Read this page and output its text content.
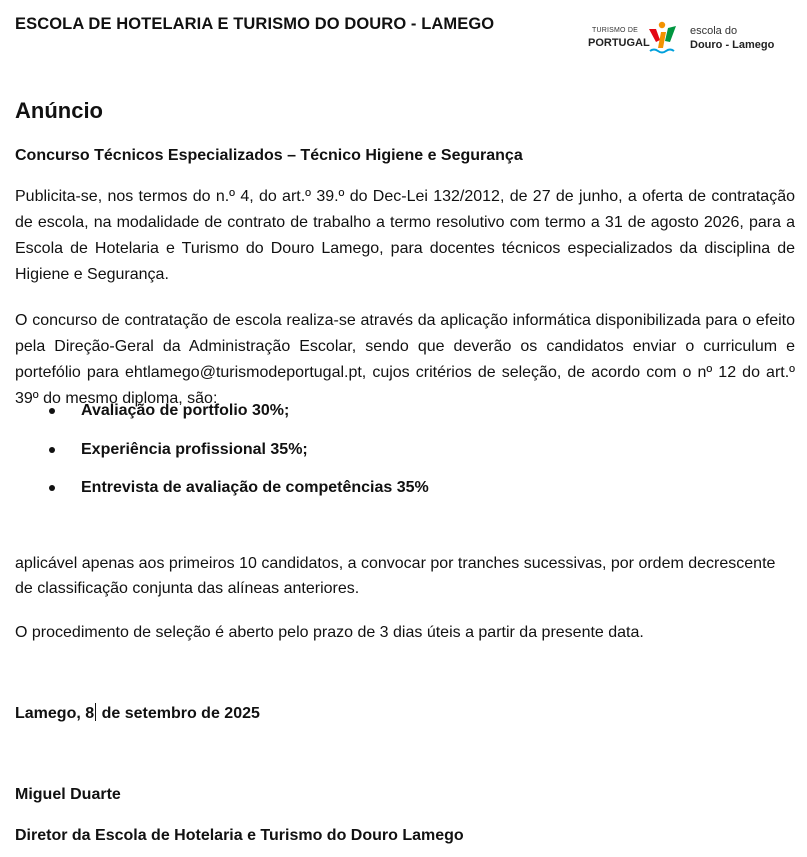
ESCOLA DE HOTELARIA E TURISMO DO DOURO - LAMEGO	TURISMO DE
PORTUGAL
escola do
Douro - Lamego
Anúncio
Concurso Técnicos Especializados – Técnico Higiene e Segurança

Publicita-se, nos termos do n.º 4, do art.º 39.º do Dec-Lei 132/2012, de 27 de junho, a oferta de contratação de escola, na modalidade de contrato de trabalho a termo resolutivo com termo a 31 de agosto 2026, para a Escola de Hotelaria e Turismo do Douro Lamego, para docentes técnicos especializados da disciplina de Higiene e Segurança.

O concurso de contratação de escola realiza-se através da aplicação informática disponibilizada para o efeito pela Direção-Geral da Administração Escolar, sendo que deverão os candidatos enviar o curriculum e portefólio para ehtlamego@turismodeportugal.pt, cujos critérios de seleção, de acordo com o nº 12 do art.º 39º do mesmo diploma, são:

Avaliação de portfolio 30%;
Experiência profissional 35%;
Entrevista de avaliação de competências 35%

aplicável apenas aos primeiros 10 candidatos, a convocar por tranches sucessivas, por ordem decrescente de classificação conjunta das alíneas anteriores.

O procedimento de seleção é aberto pelo prazo de 3 dias úteis a partir da presente data.

Lamego, 8 de setembro de 2025
Miguel Duarte
Diretor da Escola de Hotelaria e Turismo do Douro Lamego
